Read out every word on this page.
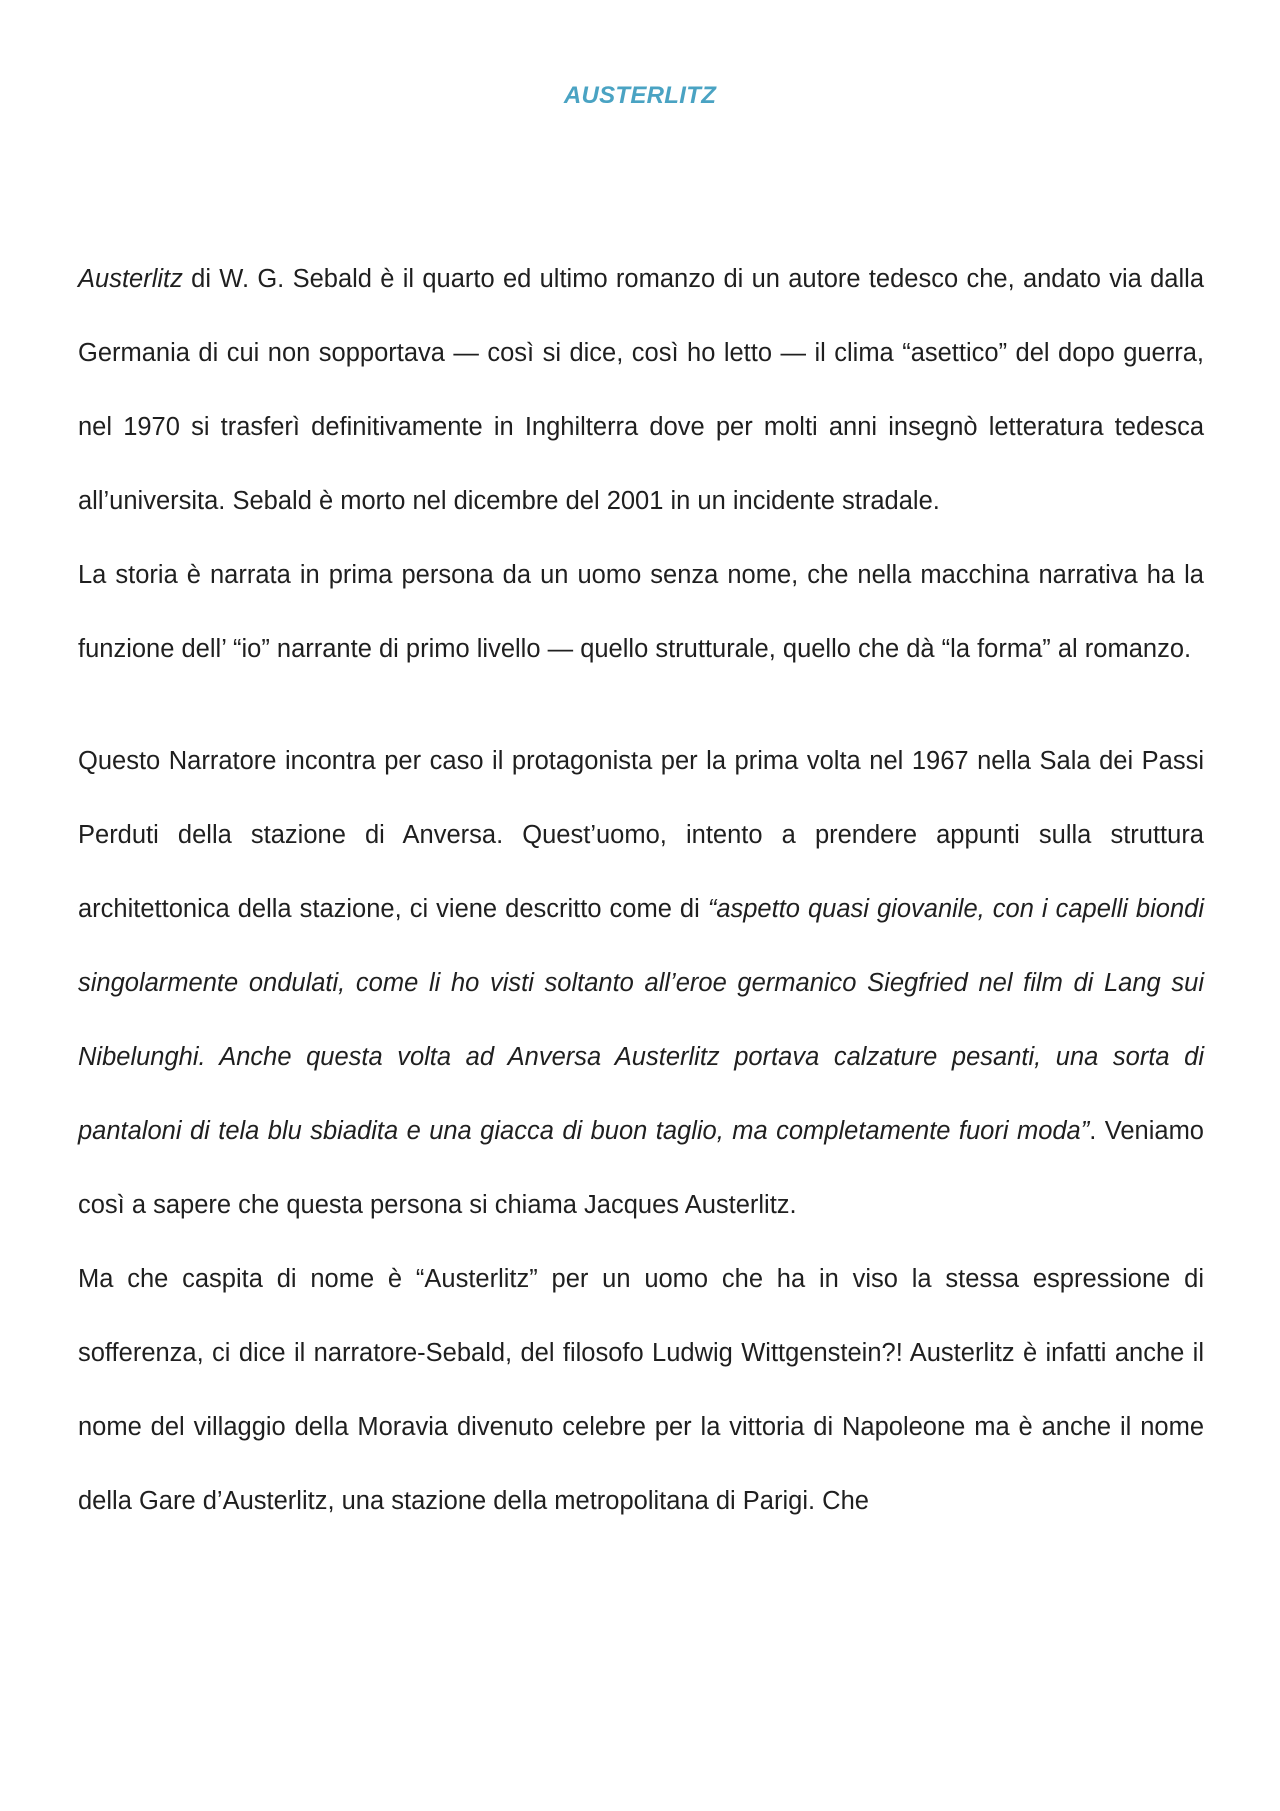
AUSTERLITZ

Austerlitz di W. G. Sebald è il quarto ed ultimo romanzo di un autore tedesco che, andato via dalla Germania di cui non sopportava — così si dice, così ho letto — il clima “asettico” del dopo guerra, nel 1970 si trasferì definitivamente in Inghilterra dove per molti anni insegnò letteratura tedesca all’universita. Sebald è morto nel dicembre del 2001 in un incidente stradale.

La storia è narrata in prima persona da un uomo senza nome, che nella macchina narrativa ha la funzione dell’ “io” narrante di primo livello — quello strutturale, quello che dà “la forma” al romanzo.

Questo Narratore incontra per caso il protagonista per la prima volta nel 1967 nella Sala dei Passi Perduti della stazione di Anversa. Quest’uomo, intento a prendere appunti sulla struttura architettonica della stazione, ci viene descritto come di “aspetto quasi giovanile, con i capelli biondi singolarmente ondulati, come li ho visti soltanto all’eroe germanico Siegfried nel film di Lang sui Nibelunghi. Anche questa volta ad Anversa Austerlitz portava calzature pesanti, una sorta di pantaloni di tela blu sbiadita e una giacca di buon taglio, ma completamente fuori moda”. Veniamo così a sapere che questa persona si chiama Jacques Austerlitz.

Ma che caspita di nome è “Austerlitz” per un uomo che ha in viso la stessa espressione di sofferenza, ci dice il narratore-Sebald, del filosofo Ludwig Wittgenstein?! Austerlitz è infatti anche il nome del villaggio della Moravia divenuto celebre per la vittoria di Napoleone ma è anche il nome della Gare d’Austerlitz, una stazione della metropolitana di Parigi. Che
